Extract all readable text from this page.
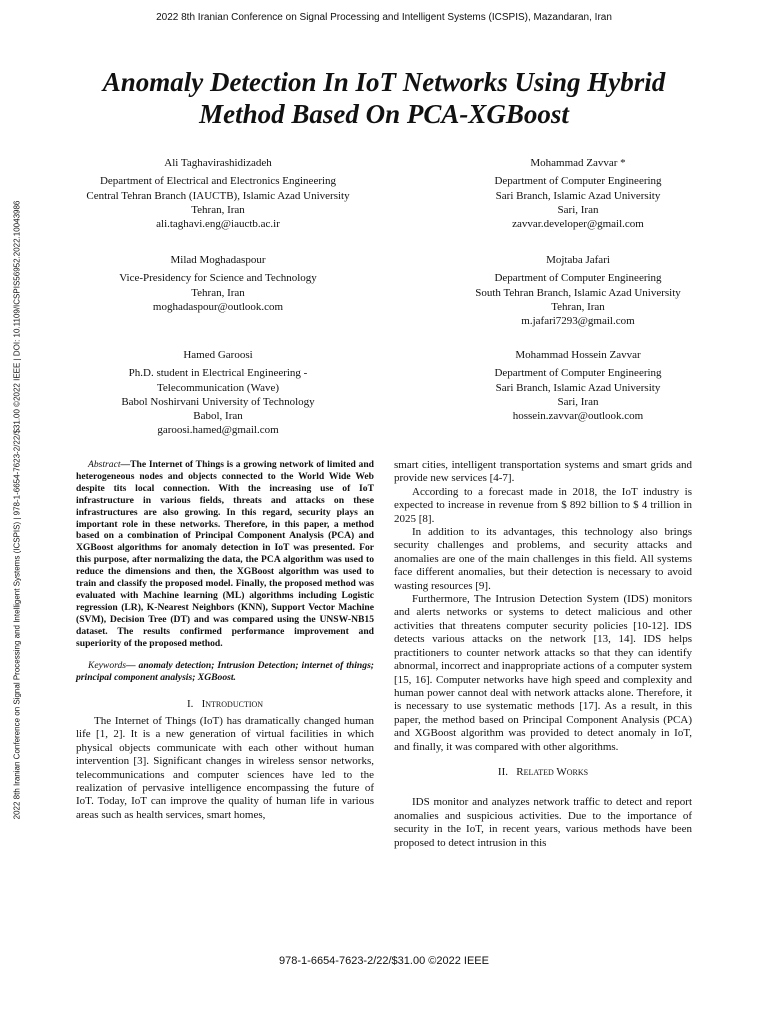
2022 8th Iranian Conference on Signal Processing and Intelligent Systems (ICSPIS), Mazandaran, Iran
2022 8th Iranian Conference on Signal Processing and Intelligent Systems (ICSPIS) | 978-1-6654-7623-2/22/$31.00 ©2022 IEEE | DOI: 10.1109/ICSPIS56952.2022.10043986
Anomaly Detection In IoT Networks Using Hybrid
Method Based On PCA-XGBoost
Ali Taghavirashidizadeh
Department of Electrical and Electronics Engineering
Central Tehran Branch (IAUCTB), Islamic Azad University
Tehran, Iran
ali.taghavi.eng@iauctb.ac.ir
Mohammad Zavvar *
Department of Computer Engineering
Sari Branch, Islamic Azad University
Sari, Iran
zavvar.developer@gmail.com
Milad Moghadaspour
Vice-Presidency for Science and Technology
Tehran, Iran
moghadaspour@outlook.com
Mojtaba Jafari
Department of Computer Engineering
South Tehran Branch, Islamic Azad University
Tehran, Iran
m.jafari7293@gmail.com
Hamed Garoosi
Ph.D. student in Electrical Engineering -
Telecommunication (Wave)
Babol Noshirvani University of Technology
Babol, Iran
garoosi.hamed@gmail.com
Mohammad Hossein Zavvar
Department of Computer Engineering
Sari Branch, Islamic Azad University
Sari, Iran
hossein.zavvar@outlook.com

Abstract—The Internet of Things is a growing network of limited and heterogeneous nodes and objects connected to the World Wide Web despite tits local connection. With the increasing use of IoT infrastructure in various fields, threats and attacks on these infrastructures are also growing. In this regard, security plays an important role in these networks. Therefore, in this paper, a method based on a combination of Principal Component Analysis (PCA) and XGBoost algorithms for anomaly detection in IoT was presented. For this purpose, after normalizing the data, the PCA algorithm was used to reduce the dimensions and then, the XGBoost algorithm was used to train and classify the proposed model. Finally, the proposed method was evaluated with Machine learning (ML) algorithms including Logistic regression (LR), K-Nearest Neighbors (KNN), Support Vector Machine (SVM), Decision Tree (DT) and was compared using the UNSW-NB15 dataset. The results confirmed performance improvement and superiority of the proposed method.

Keywords— anomaly detection; Intrusion Detection; internet of things; principal component analysis; XGBoost.

I. Introduction

The Internet of Things (IoT) has dramatically changed human life [1, 2]. It is a new generation of virtual facilities in which physical objects communicate with each other without human intervention [3]. Significant changes in wireless sensor networks, telecommunications and computer sciences have led to the realization of pervasive intelligence encompassing the future of IoT. Today, IoT can improve the quality of human life in various areas such as health services, smart homes,

smart cities, intelligent transportation systems and smart grids and provide new services [4-7].

According to a forecast made in 2018, the IoT industry is expected to increase in revenue from $ 892 billion to $ 4 trillion in 2025 [8].

In addition to its advantages, this technology also brings security challenges and problems, and security attacks and anomalies are one of the main challenges in this field. All systems face different anomalies, but their detection is necessary to avoid wasting resources [9].

Furthermore, The Intrusion Detection System (IDS) monitors and alerts networks or systems to detect malicious and other activities that threatens computer security policies [10-12]. IDS detects various attacks on the network [13, 14]. IDS helps practitioners to counter network attacks so that they can identify abnormal, incorrect and inappropriate actions of a computer system [15, 16]. Computer networks have high speed and complexity and human power cannot deal with network attacks alone. Therefore, it is necessary to use systematic methods [17]. As a result, in this paper, the method based on Principal Component Analysis (PCA) and XGBoost algorithm was provided to detect anomaly in IoT, and finally, it was compared with other algorithms.

II. Related Works

IDS monitor and analyzes network traffic to detect and report anomalies and suspicious activities. Due to the importance of security in the IoT, in recent years, various methods have been proposed to detect intrusion in this

978-1-6654-7623-2/22/$31.00 ©2022 IEEE
